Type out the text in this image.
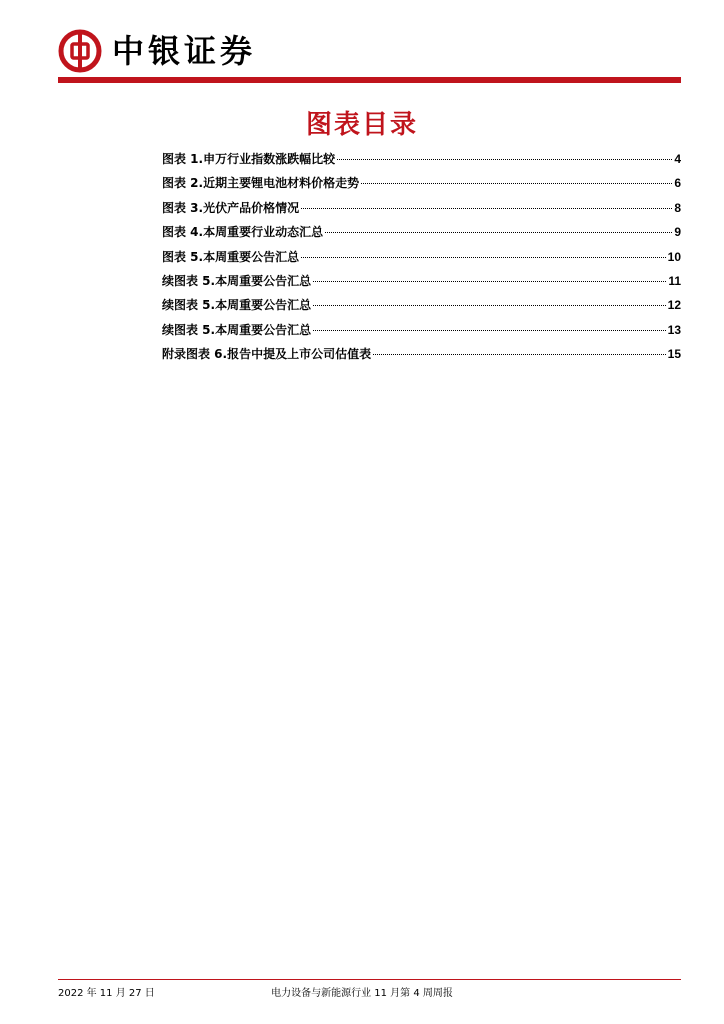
中银证券
图表目录
图表 1.申万行业指数涨跌幅比较	4
图表 2.近期主要锂电池材料价格走势	6
图表 3.光伏产品价格情况	8
图表 4.本周重要行业动态汇总	9
图表 5.本周重要公告汇总	10
续图表 5.本周重要公告汇总	11
续图表 5.本周重要公告汇总	12
续图表 5.本周重要公告汇总	13
附录图表 6.报告中提及上市公司估值表	15
2022 年 11 月 27 日	电力设备与新能源行业 11 月第 4 周周报
